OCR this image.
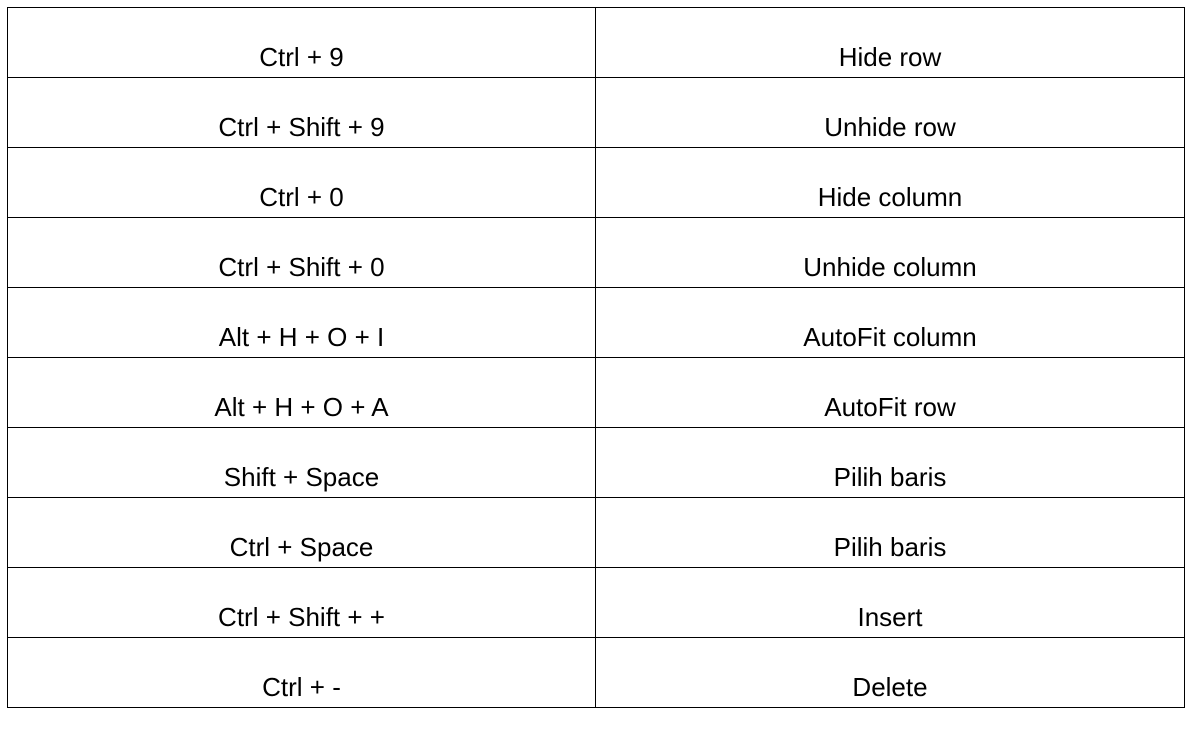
Ctrl + 9	Hide row
Ctrl + Shift + 9	Unhide row
Ctrl + 0	Hide column
Ctrl + Shift + 0	Unhide column
Alt + H + O + I	AutoFit column
Alt + H + O + A	AutoFit row
Shift + Space	Pilih baris
Ctrl + Space	Pilih baris
Ctrl + Shift + +	Insert
Ctrl + -	Delete
